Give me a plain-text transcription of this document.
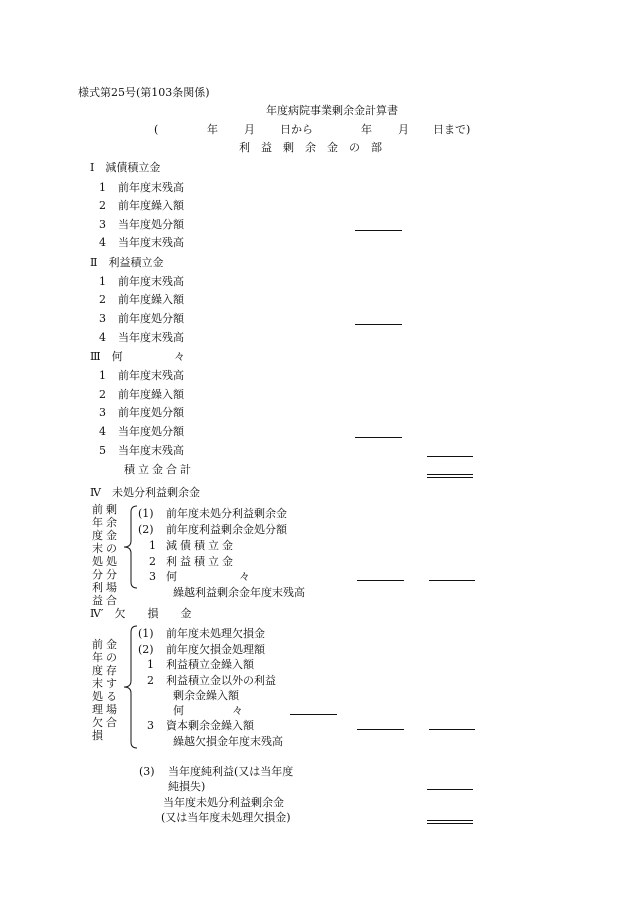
様式第25号(第103条関係)
年度病院事業剰余金計算書
(	年 月 日から	年 月 日まで)
利益剰余金の部
Ⅰ　減債積立金
1 前年度末残高
2 前年度繰入額
3 当年度処分額
4 当年度末残高
Ⅱ　利益積立金
1 前年度末残高
2 前年度繰入額
3 前年度処分額
4 当年度末残高
Ⅲ　何	々
1 前年度末残高
2 前年度繰入額
3 前年度処分額
4 当年度処分額
5 当年度末残高
積立金合計
Ⅳ　未処分利益剰余金
前年度末処分利益
剰余金の処分場合
(1) 前年度未処分利益剰余金
(2) 前年度利益剰余金処分額
1 減債積立金
2 利益積立金
3 何	々
繰越利益剰余金年度末残高
Ⅳ′　欠　　損　　金
前年度末処理欠損
金の存する場合
(1) 前年度未処理欠損金
(2) 前年度欠損金処理額
1 利益積立金繰入額
2 利益積立金以外の利益
剰余金繰入額
何	々
3 資本剰余金繰入額
繰越欠損金年度末残高
(3) 当年度純利益(又は当年度
純損失)
当年度未処分利益剰余金
(又は当年度未処理欠損金)
